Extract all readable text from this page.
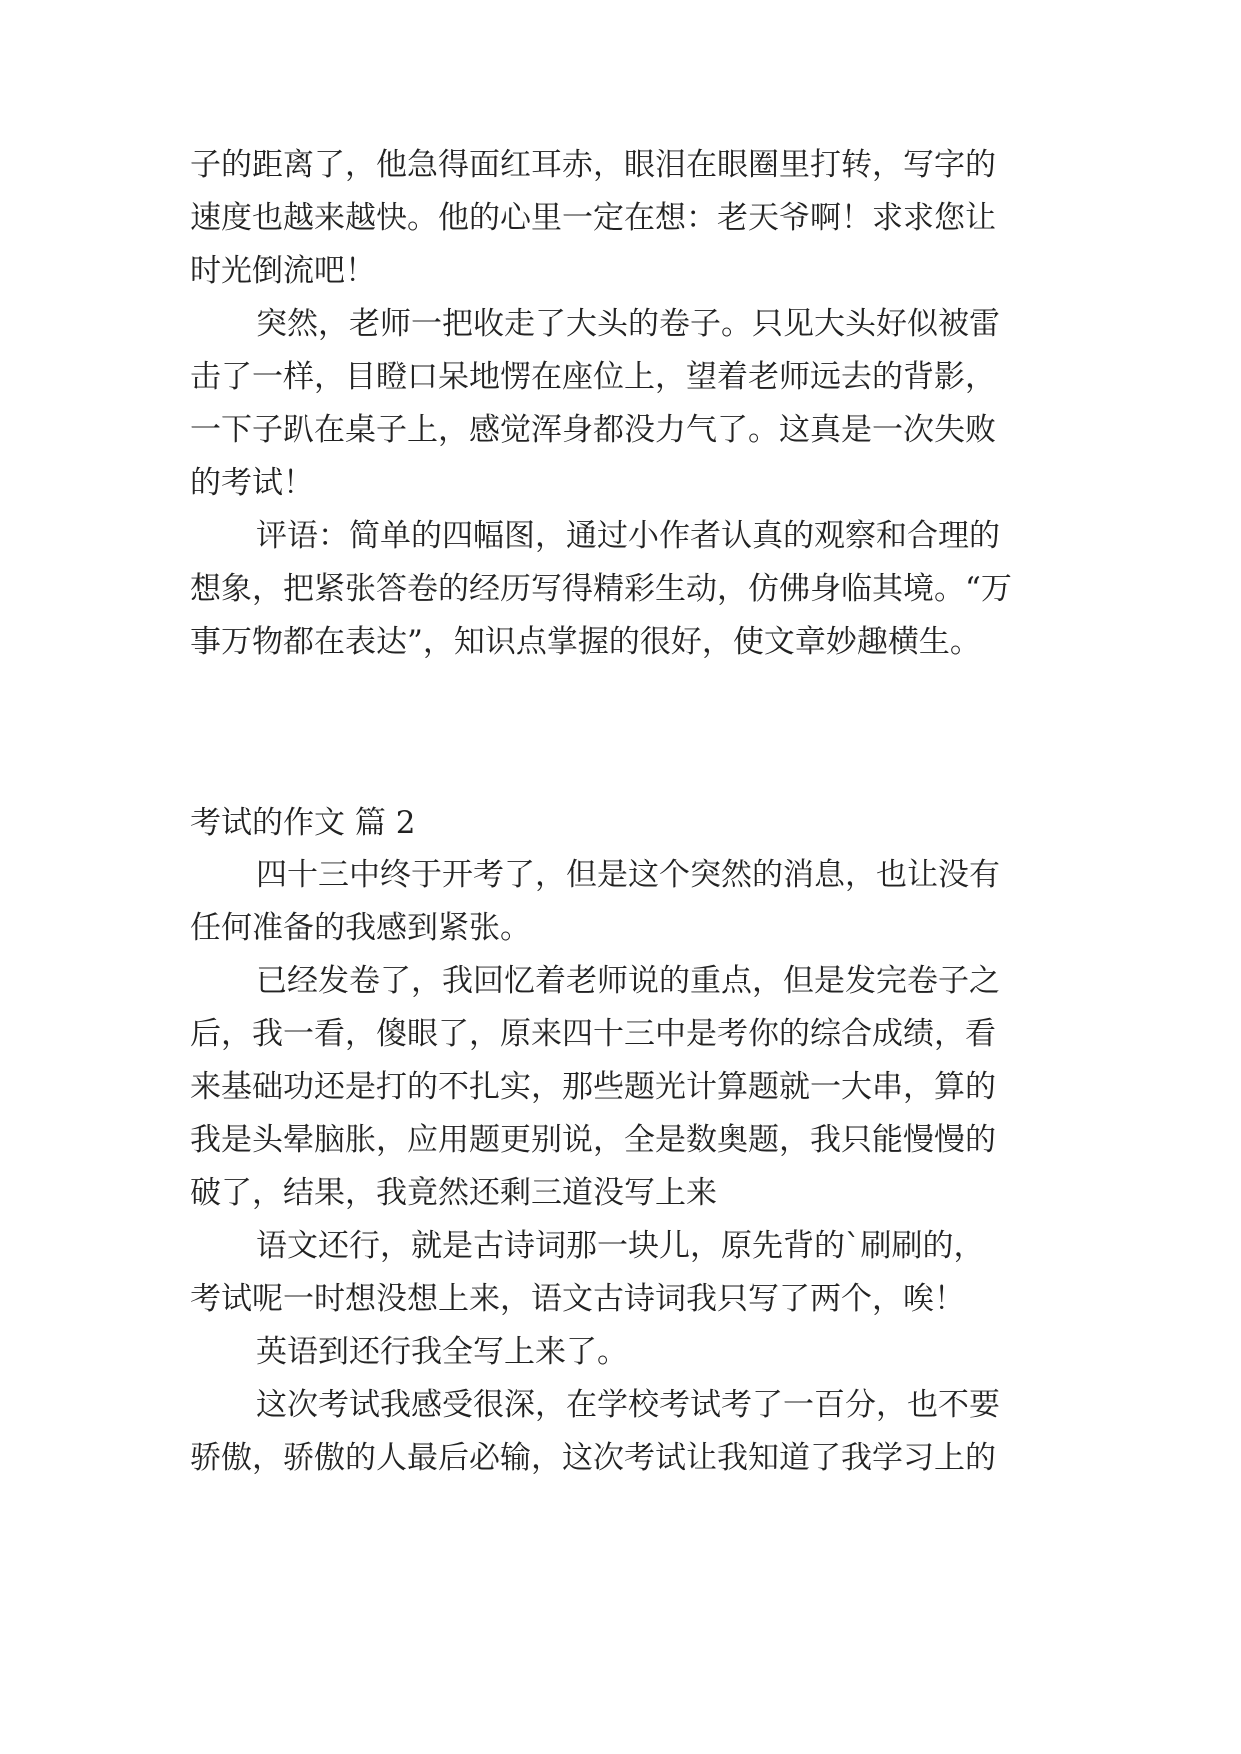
子的距离了，他急得面红耳赤，眼泪在眼圈里打转，写字的
速度也越来越快。他的心里一定在想：老天爷啊！求求您让
时光倒流吧！
突然，老师一把收走了大头的卷子。只见大头好似被雷
击了一样，目瞪口呆地愣在座位上，望着老师远去的背影，
一下子趴在桌子上，感觉浑身都没力气了。这真是一次失败
的考试！
评语：简单的四幅图，通过小作者认真的观察和合理的
想象，把紧张答卷的经历写得精彩生动，仿佛身临其境。“万
事万物都在表达”，知识点掌握的很好，使文章妙趣横生。
考试的作文 篇 2
四十三中终于开考了，但是这个突然的消息，也让没有
任何准备的我感到紧张。
已经发卷了，我回忆着老师说的重点，但是发完卷子之
后，我一看，傻眼了，原来四十三中是考你的综合成绩，看
来基础功还是打的不扎实，那些题光计算题就一大串，算的
我是头晕脑胀，应用题更别说，全是数奥题，我只能慢慢的
破了，结果，我竟然还剩三道没写上来
语文还行，就是古诗词那一块儿，原先背的`刷刷的，
考试呢一时想没想上来，语文古诗词我只写了两个，唉！
英语到还行我全写上来了。
这次考试我感受很深，在学校考试考了一百分，也不要
骄傲，骄傲的人最后必输，这次考试让我知道了我学习上的
